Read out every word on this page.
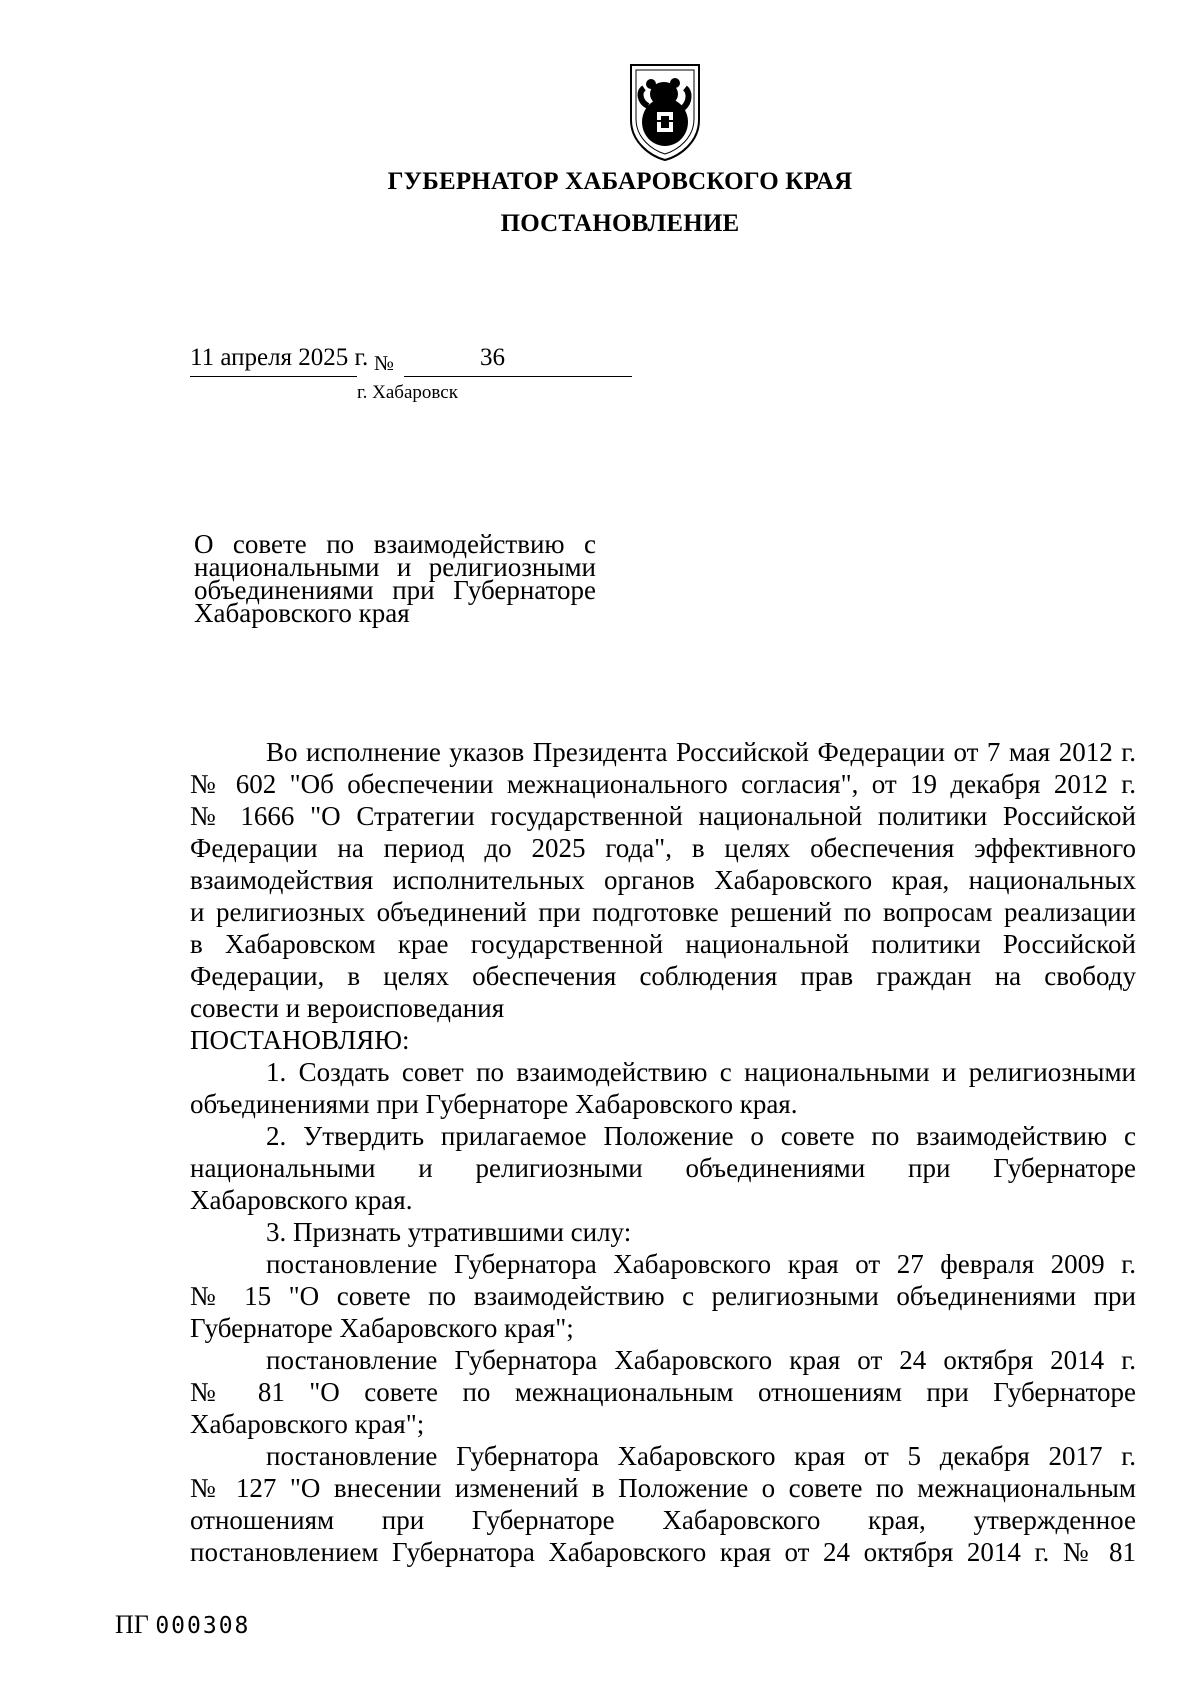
ГУБЕРНАТОР ХАБАРОВСКОГО КРАЯ
ПОСТАНОВЛЕНИЕ
11 апреля 2025 г. №	36
г. Хабаровск
О совете по взаимодействию с
национальными и религиозными
объединениями при Губернаторе
Хабаровского края
Во исполнение указов Президента Российской Федерации от 7 мая 2012 г.
№ 602 "Об обеспечении межнационального согласия", от 19 декабря 2012 г.
№ 1666 "О Стратегии государственной национальной политики Российской
Федерации на период до 2025 года", в целях обеспечения эффективного
взаимодействия исполнительных органов Хабаровского края, национальных
и религиозных объединений при подготовке решений по вопросам реализации
в Хабаровском крае государственной национальной политики Российской
Федерации, в целях обеспечения соблюдения прав граждан на свободу
совести и вероисповедания
ПОСТАНОВЛЯЮ:
1. Создать совет по взаимодействию с национальными и религиозными
объединениями при Губернаторе Хабаровского края.
2. Утвердить прилагаемое Положение о совете по взаимодействию с
национальными и религиозными объединениями при Губернаторе
Хабаровского края.
3. Признать утратившими силу:
постановление Губернатора Хабаровского края от 27 февраля 2009 г.
№ 15 "О совете по взаимодействию с религиозными объединениями при
Губернаторе Хабаровского края";
постановление Губернатора Хабаровского края от 24 октября 2014 г.
№ 81 "О совете по межнациональным отношениям при Губернаторе
Хабаровского края";
постановление Губернатора Хабаровского края от 5 декабря 2017 г.
№ 127 "О внесении изменений в Положение о совете по межнациональным
отношениям при Губернаторе Хабаровского края, утвержденное
постановлением Губернатора Хабаровского края от 24 октября 2014 г. № 81
ПГ 000308
